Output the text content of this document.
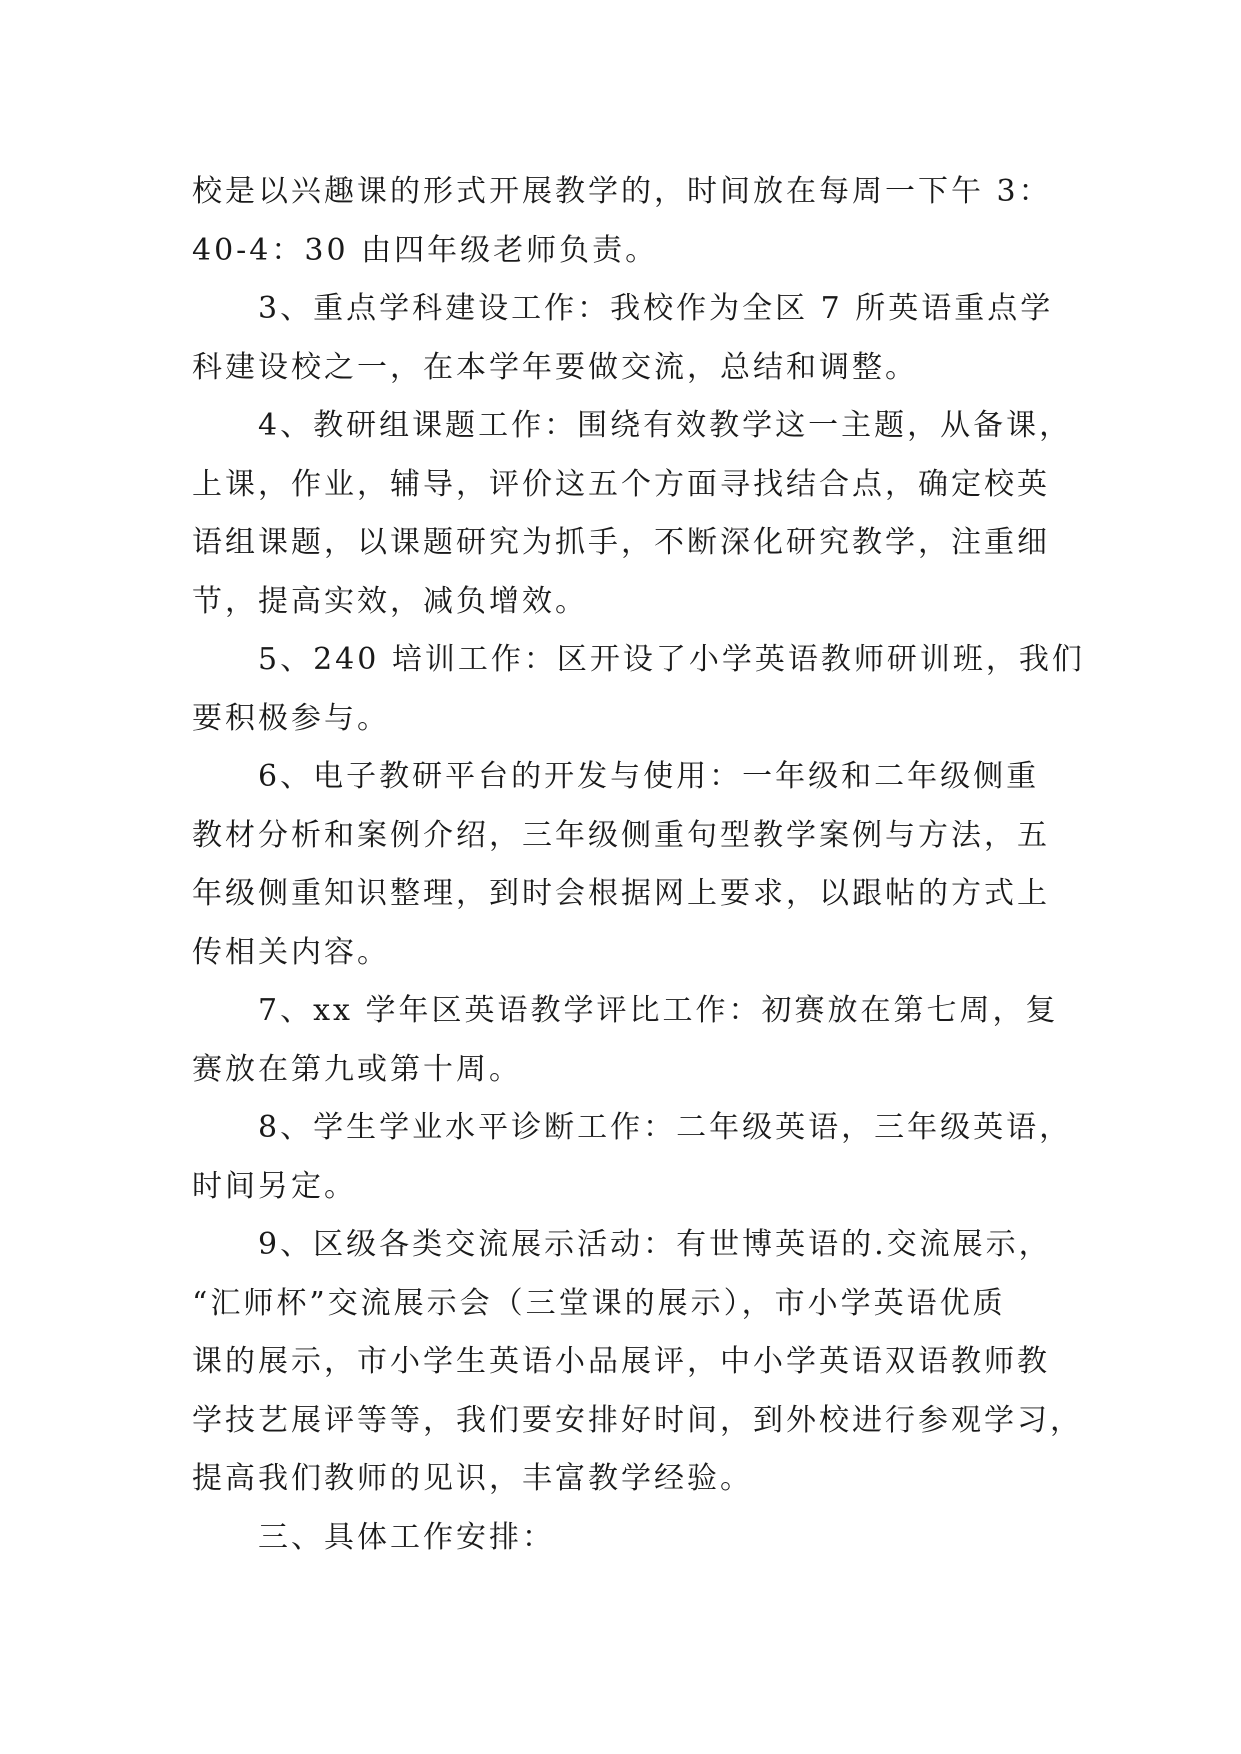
校是以兴趣课的形式开展教学的，时间放在每周一下午 3：
40-4：30 由四年级老师负责。

3、重点学科建设工作：我校作为全区 7 所英语重点学
科建设校之一，在本学年要做交流，总结和调整。

4、教研组课题工作：围绕有效教学这一主题，从备课，
上课，作业，辅导，评价这五个方面寻找结合点，确定校英
语组课题，以课题研究为抓手，不断深化研究教学，注重细
节，提高实效，减负增效。

5、240 培训工作：区开设了小学英语教师研训班，我们
要积极参与。

6、电子教研平台的开发与使用：一年级和二年级侧重
教材分析和案例介绍，三年级侧重句型教学案例与方法，五
年级侧重知识整理，到时会根据网上要求，以跟帖的方式上
传相关内容。

7、xx 学年区英语教学评比工作：初赛放在第七周，复
赛放在第九或第十周。

8、学生学业水平诊断工作：二年级英语，三年级英语，
时间另定。

9、区级各类交流展示活动：有世博英语的.交流展示，
“汇师杯”交流展示会（三堂课的展示），市小学英语优质
课的展示，市小学生英语小品展评，中小学英语双语教师教
学技艺展评等等，我们要安排好时间，到外校进行参观学习，
提高我们教师的见识，丰富教学经验。

三、具体工作安排：
